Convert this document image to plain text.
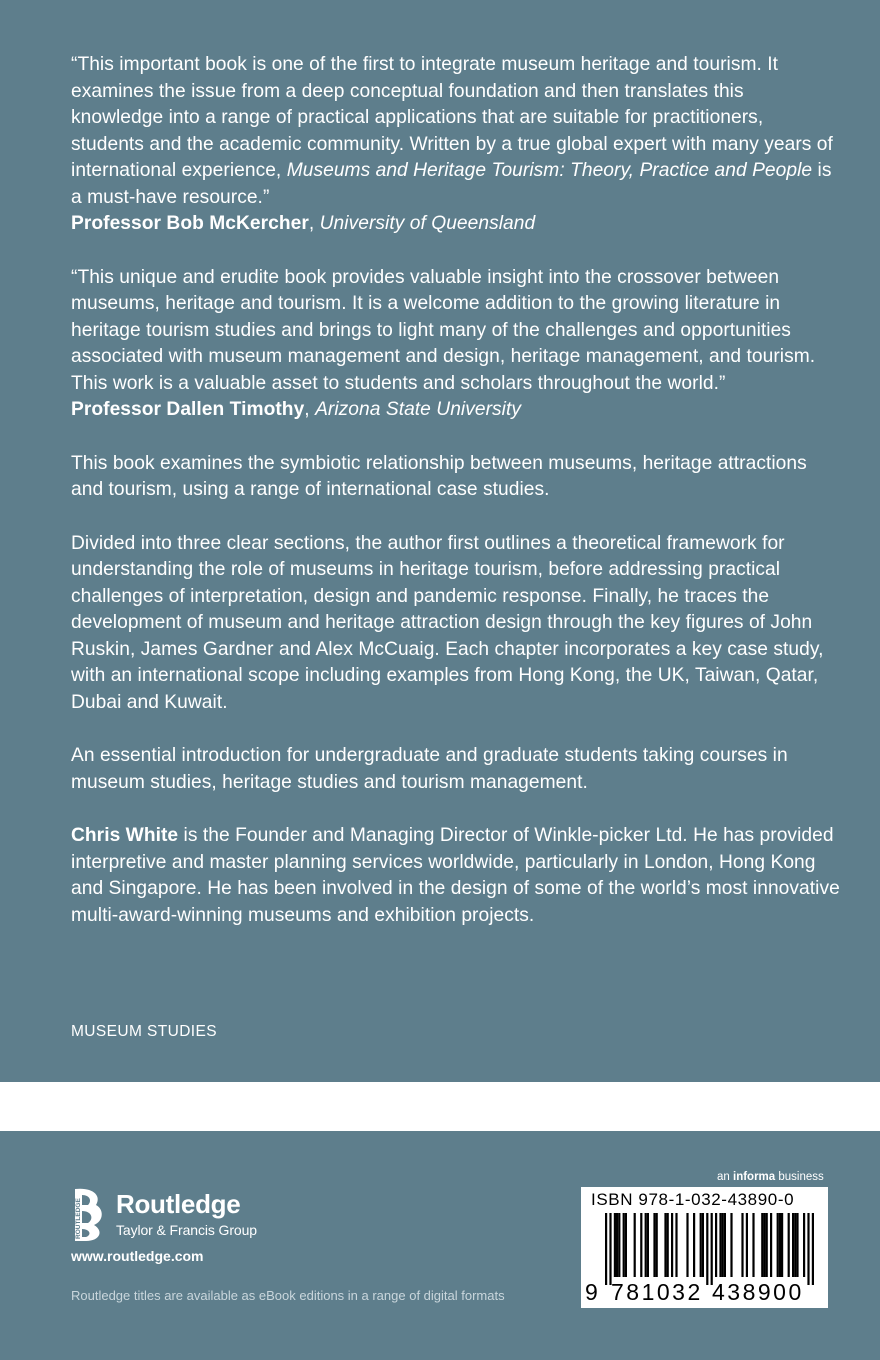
“This important book is one of the first to integrate museum heritage and tourism. It examines the issue from a deep conceptual foundation and then translates this knowledge into a range of practical applications that are suitable for practitioners, students and the academic community. Written by a true global expert with many years of international experience, Museums and Heritage Tourism: Theory, Practice and People is a must-have resource.”

Professor Bob McKercher, University of Queensland

“This unique and erudite book provides valuable insight into the crossover between museums, heritage and tourism. It is a welcome addition to the growing literature in heritage tourism studies and brings to light many of the challenges and opportunities associated with museum management and design, heritage management, and tourism. This work is a valuable asset to students and scholars throughout the world.”

Professor Dallen Timothy, Arizona State University

This book examines the symbiotic relationship between museums, heritage attractions and tourism, using a range of international case studies.

Divided into three clear sections, the author first outlines a theoretical framework for understanding the role of museums in heritage tourism, before addressing practical challenges of interpretation, design and pandemic response. Finally, he traces the development of museum and heritage attraction design through the key figures of John Ruskin, James Gardner and Alex McCuaig. Each chapter incorporates a key case study, with an international scope including examples from Hong Kong, the UK, Taiwan, Qatar, Dubai and Kuwait.

An essential introduction for undergraduate and graduate students taking courses in museum studies, heritage studies and tourism management.

Chris White is the Founder and Managing Director of Winkle-picker Ltd. He has provided interpretive and master planning services worldwide, particularly in London, Hong Kong and Singapore. He has been involved in the design of some of the world’s most innovative multi-award-winning museums and exhibition projects.

MUSEUM STUDIES
ROUTLEDGE Routledge
Taylor & Francis Group
www.routledge.com
Routledge titles are available as eBook editions in a range of digital formats
an informa business
ISBN 978-1-032-43890-0
9 781032 438900
